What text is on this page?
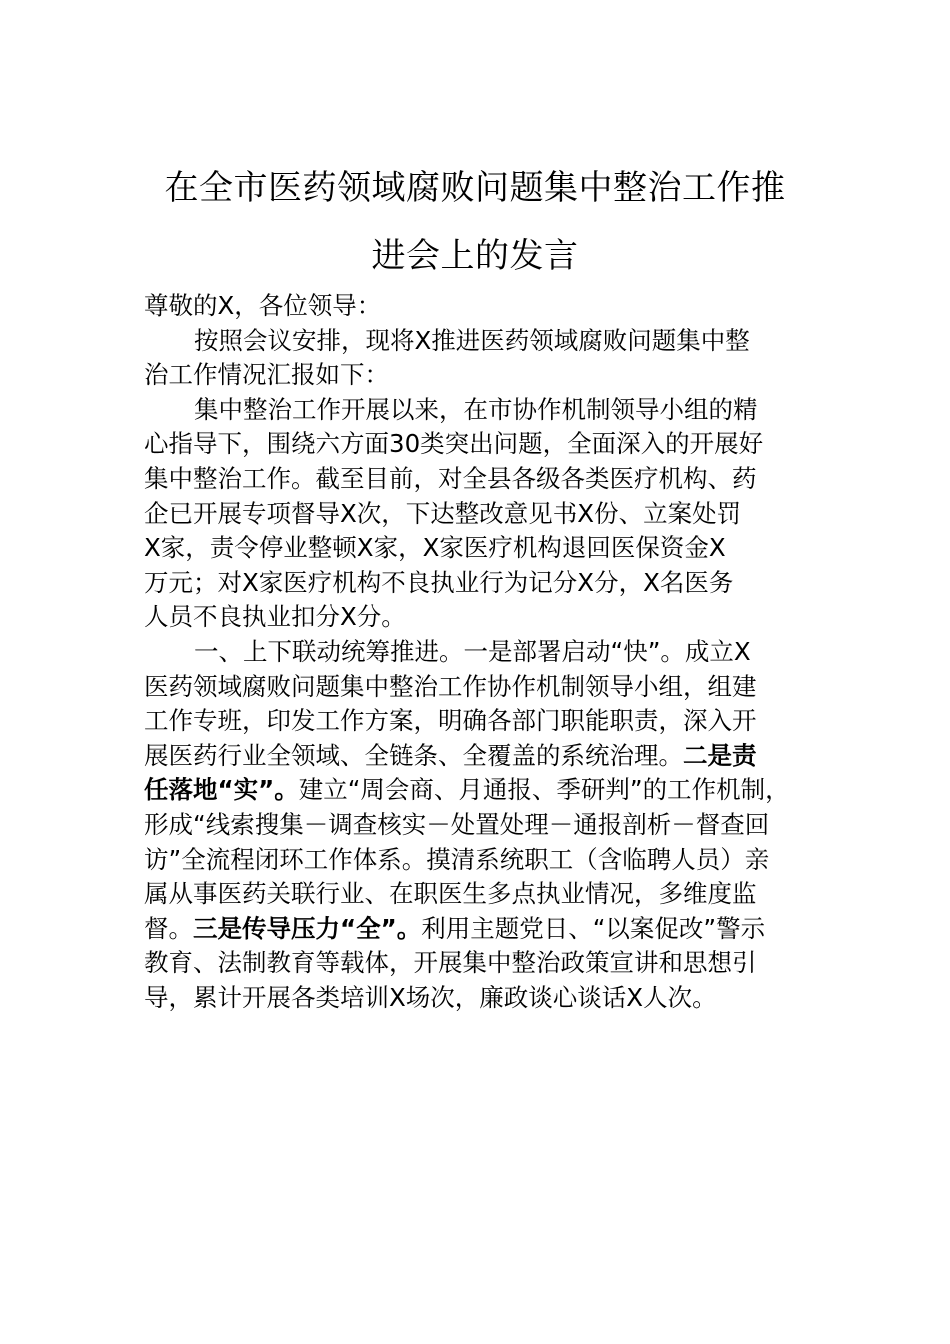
在全市医药领域腐败问题集中整治工作推
进会上的发言
尊敬的X，各位领导：
按照会议安排，现将X推进医药领域腐败问题集中整
治工作情况汇报如下：
集中整治工作开展以来，在市协作机制领导小组的精
心指导下，围绕六方面30类突出问题，全面深入的开展好
集中整治工作。截至目前，对全县各级各类医疗机构、药
企已开展专项督导X次，下达整改意见书X份、立案处罚
X家，责令停业整顿X家，X家医疗机构退回医保资金X
万元；对X家医疗机构不良执业行为记分X分，X名医务
人员不良执业扣分X分。
一、上下联动统筹推进。一是部署启动“快”。成立X
医药领域腐败问题集中整治工作协作机制领导小组，组建
工作专班，印发工作方案，明确各部门职能职责，深入开
展医药行业全领域、全链条、全覆盖的系统治理。二是责
任落地“实”。建立“周会商、月通报、季研判”的工作机制，
形成“线索搜集－调查核实－处置处理－通报剖析－督查回
访”全流程闭环工作体系。摸清系统职工（含临聘人员）亲
属从事医药关联行业、在职医生多点执业情况，多维度监
督。三是传导压力“全”。利用主题党日、“以案促改”警示
教育、法制教育等载体，开展集中整治政策宣讲和思想引
导，累计开展各类培训X场次，廉政谈心谈话X人次。
